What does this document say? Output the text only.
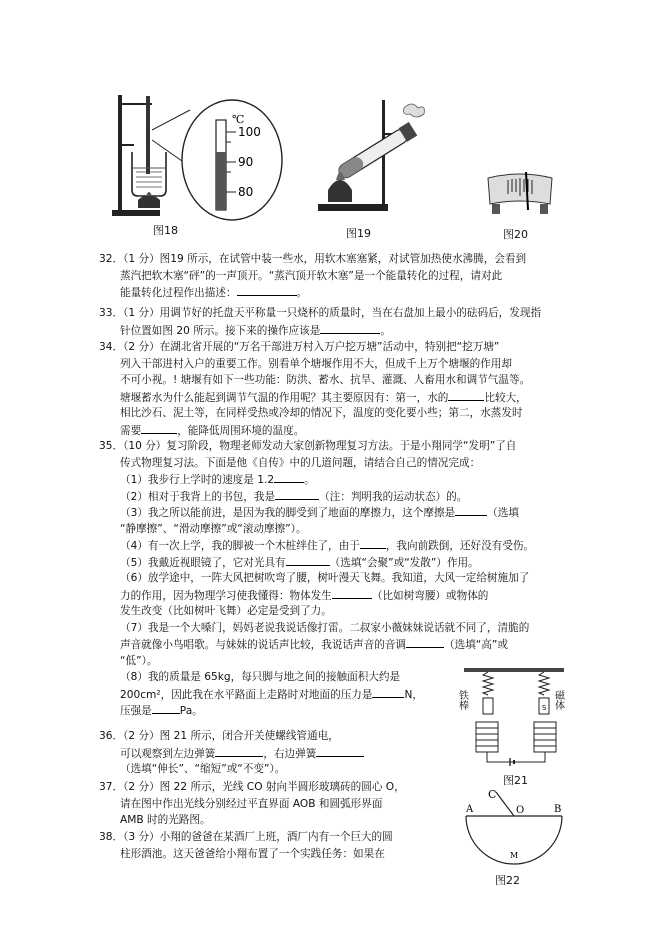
℃
100
90
80
图18	图19	图20
32．（1 分）图19 所示，在试管中装一些水，用软木塞塞紧，对试管加热使水沸腾，会看到
蒸汽把软木塞“砰”的一声顶开。“蒸汽顶开软木塞”是一个能量转化的过程，请对此
能量转化过程作出描述：	。
33．（1 分）用调节好的托盘天平称量一只烧杯的质量时，当在右盘加上最小的砝码后，发现指
针位置如图 20 所示。接下来的操作应该是	。
34．（2 分）在湖北省开展的“万名干部进万村入万户挖万塘”活动中，特别把“挖万塘”
列入干部进村入户的重要工作。别看单个塘堰作用不大，但成千上万个塘堰的作用却
不可小视。! 塘堰有如下一些功能：防洪、蓄水、抗旱、灌溉、人畜用水和调节气温等。
塘堰蓄水为什么能起到调节气温的作用呢？其主要原因有：第一，水的	比较大，
相比沙石、泥土等，在同样受热或冷却的情况下，温度的变化要小些；第二，水蒸发时
需要	，能降低周围环境的温度。
35．（10 分）复习阶段，物理老师发动大家创新物理复习方法。于是小翔同学“发明”了自
传式物理复习法。下面是他《自传》中的几道问题，请结合自己的情况完成：
（1）我步行上学时的速度是 1.2	。
（2）相对于我背上的书包，我是	（注：判明我的运动状态）的。
（3）我之所以能前进，是因为我的脚受到了地面的摩擦力，这个摩擦是	（选填
“静摩擦”、“滑动摩擦”或“滚动摩擦”）。
（4）有一次上学，我的脚被一个木桩绊住了，由于 ，我向前跌倒，还好没有受伤。
（5）我戴近视眼镜了，它对光具有	（选填“会聚”或“发散”）作用。
（6）放学途中，一阵大风把树吹弯了腰，树叶漫天飞舞。我知道，大风一定给树施加了
力的作用，因为物理学习使我懂得：物体发生	（比如树弯腰）或物体的
发生改变（比如树叶飞舞）必定是受到了力。
（7）我是一个大嗓门，妈妈老说我说话像打雷。二叔家小薇妹妹说话就不同了，清脆的
声音就像小鸟唱歌。与妹妹的说话声比较，我说话声音的音调	（选填“高”或
“低”）。
（8）我的质量是 65kg，每只脚与地之间的接触面积大约是
200cm²，因此我在水平路面上走路时对地面的压力是	N，
压强是	Pa。
36．（2 分）图 21 所示，闭合开关使螺线管通电，
可以观察到左边弹簧	，右边弹簧
（选填“伸长”、“缩短”或“不变”）。
37．（2 分）图 22 所示，光线 CO 射向半圆形玻璃砖的圆心 O，
请在图中作出光线分别经过平直界面 AOB 和圆弧形界面
AMB 时的光路图。
38．（3 分）小翔的爸爸在某酒厂上班，酒厂内有一个巨大的圆
柱形酒池。这天爸爸给小翔布置了一个实践任务：如果在
S
铁棒	磁体
图21
C
A	O	B
M
图22
